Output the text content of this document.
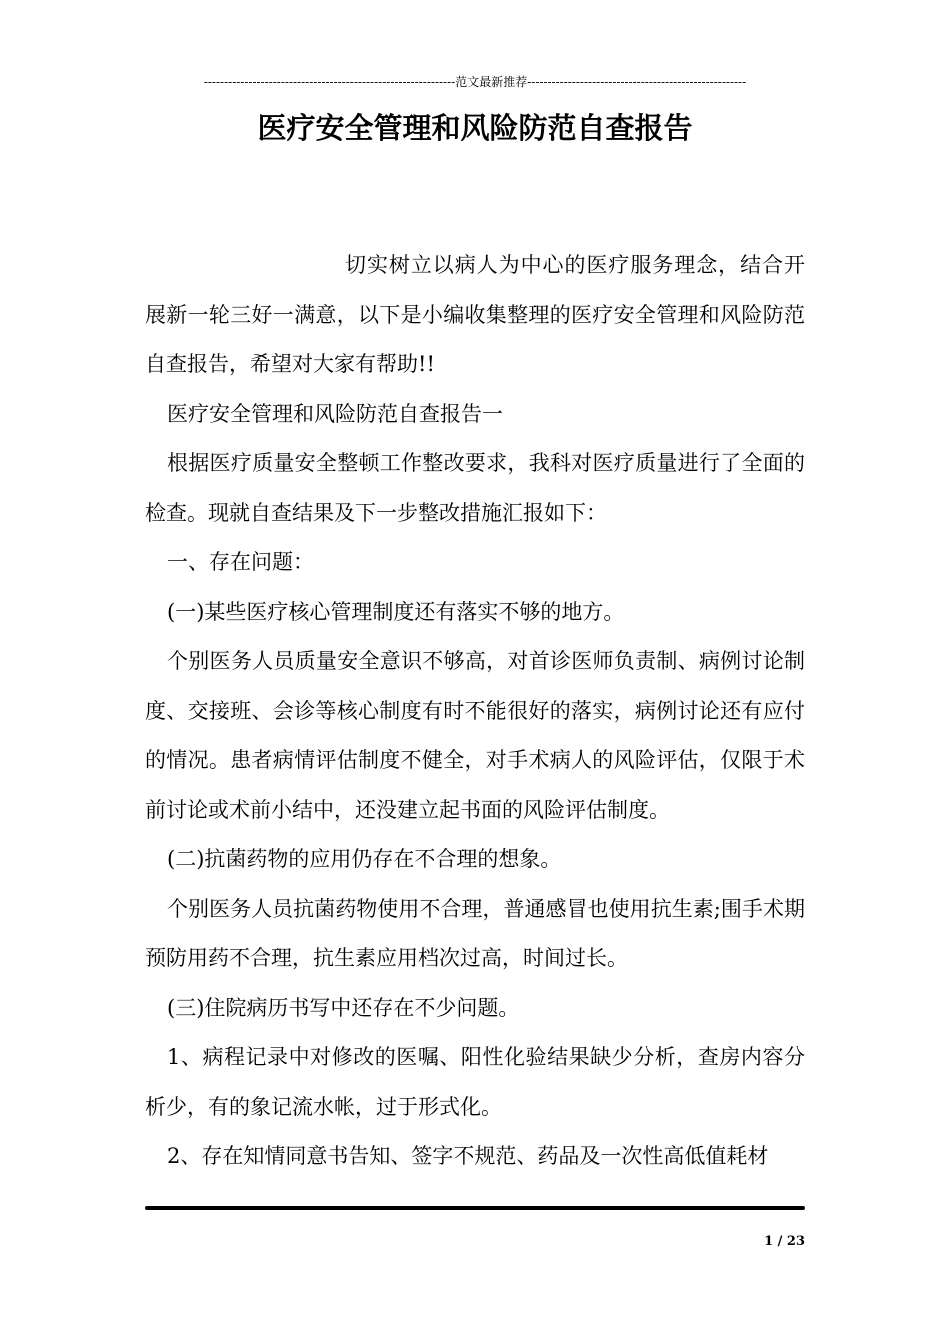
--------------------------------------------------------------范文最新推荐------------------------------------------------------
医疗安全管理和风险防范自查报告

切实树立以病人为中心的医疗服务理念，结合开展新一轮三好一满意，以下是小编收集整理的医疗安全管理和风险防范自查报告，希望对大家有帮助!!

医疗安全管理和风险防范自查报告一

根据医疗质量安全整顿工作整改要求，我科对医疗质量进行了全面的检查。现就自查结果及下一步整改措施汇报如下：

一、存在问题：

(一)某些医疗核心管理制度还有落实不够的地方。

个别医务人员质量安全意识不够高，对首诊医师负责制、病例讨论制度、交接班、会诊等核心制度有时不能很好的落实，病例讨论还有应付的情况。患者病情评估制度不健全，对手术病人的风险评估，仅限于术前讨论或术前小结中，还没建立起书面的风险评估制度。

(二)抗菌药物的应用仍存在不合理的想象。

个别医务人员抗菌药物使用不合理，普通感冒也使用抗生素;围手术期预防用药不合理，抗生素应用档次过高，时间过长。

(三)住院病历书写中还存在不少问题。

1、病程记录中对修改的医嘱、阳性化验结果缺少分析，查房内容分析少，有的象记流水帐，过于形式化。

2、存在知情同意书告知、签字不规范、药品及一次性高低值耗材

1 / 23
